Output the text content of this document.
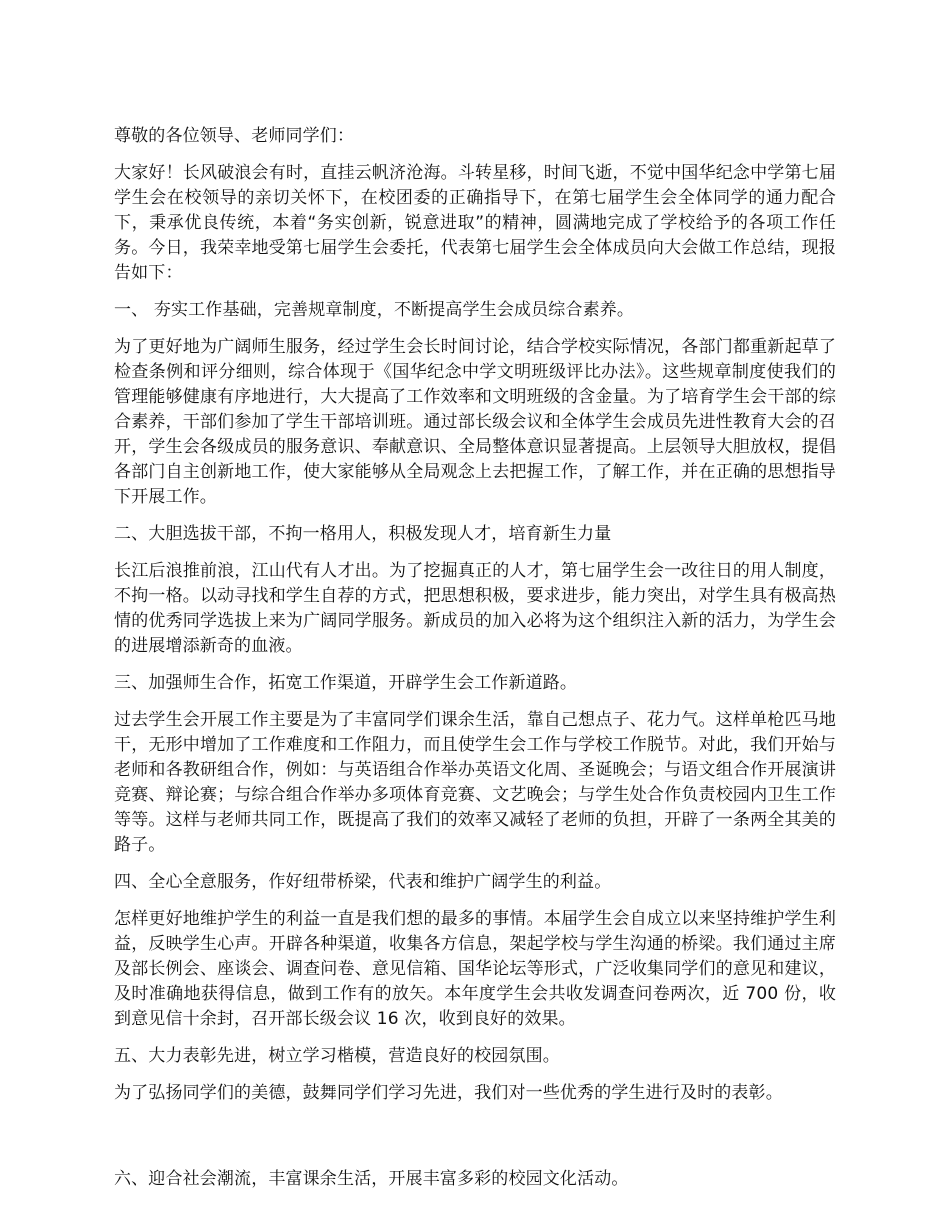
尊敬的各位领导、老师同学们：

大家好！长风破浪会有时，直挂云帆济沧海。斗转星移，时间飞逝，不觉中国华纪念中学第七届学生会在校领导的亲切关怀下，在校团委的正确指导下，在第七届学生会全体同学的通力配合下，秉承优良传统，本着“务实创新，锐意进取”的精神，圆满地完成了学校给予的各项工作任务。今日，我荣幸地受第七届学生会委托，代表第七届学生会全体成员向大会做工作总结，现报告如下：

一、 夯实工作基础，完善规章制度，不断提高学生会成员综合素养。

为了更好地为广阔师生服务，经过学生会长时间讨论，结合学校实际情况，各部门都重新起草了检查条例和评分细则，综合体现于《国华纪念中学文明班级评比办法》。这些规章制度使我们的管理能够健康有序地进行，大大提高了工作效率和文明班级的含金量。为了培育学生会干部的综合素养，干部们参加了学生干部培训班。通过部长级会议和全体学生会成员先进性教育大会的召开，学生会各级成员的服务意识、奉献意识、全局整体意识显著提高。上层领导大胆放权，提倡各部门自主创新地工作，使大家能够从全局观念上去把握工作，了解工作，并在正确的思想指导下开展工作。

二、大胆选拔干部，不拘一格用人，积极发现人才，培育新生力量

长江后浪推前浪，江山代有人才出。为了挖掘真正的人才，第七届学生会一改往日的用人制度，不拘一格。以动寻找和学生自荐的方式，把思想积极，要求进步，能力突出，对学生具有极高热情的优秀同学选拔上来为广阔同学服务。新成员的加入必将为这个组织注入新的活力，为学生会的进展增添新奇的血液。

三、加强师生合作，拓宽工作渠道，开辟学生会工作新道路。

过去学生会开展工作主要是为了丰富同学们课余生活，靠自己想点子、花力气。这样单枪匹马地干，无形中增加了工作难度和工作阻力，而且使学生会工作与学校工作脱节。对此，我们开始与老师和各教研组合作，例如：与英语组合作举办英语文化周、圣诞晚会；与语文组合作开展演讲竞赛、辩论赛；与综合组合作举办多项体育竞赛、文艺晚会；与学生处合作负责校园内卫生工作等等。这样与老师共同工作，既提高了我们的效率又减轻了老师的负担，开辟了一条两全其美的路子。

四、全心全意服务，作好纽带桥梁，代表和维护广阔学生的利益。

怎样更好地维护学生的利益一直是我们想的最多的事情。本届学生会自成立以来坚持维护学生利益，反映学生心声。开辟各种渠道，收集各方信息，架起学校与学生沟通的桥梁。我们通过主席及部长例会、座谈会、调查问卷、意见信箱、国华论坛等形式，广泛收集同学们的意见和建议，及时准确地获得信息，做到工作有的放矢。本年度学生会共收发调查问卷两次，近 700 份，收到意见信十余封，召开部长级会议 16 次，收到良好的效果。

五、大力表彰先进，树立学习楷模，营造良好的校园氛围。

为了弘扬同学们的美德，鼓舞同学们学习先进，我们对一些优秀的学生进行及时的表彰。

六、迎合社会潮流，丰富课余生活，开展丰富多彩的校园文化活动。
